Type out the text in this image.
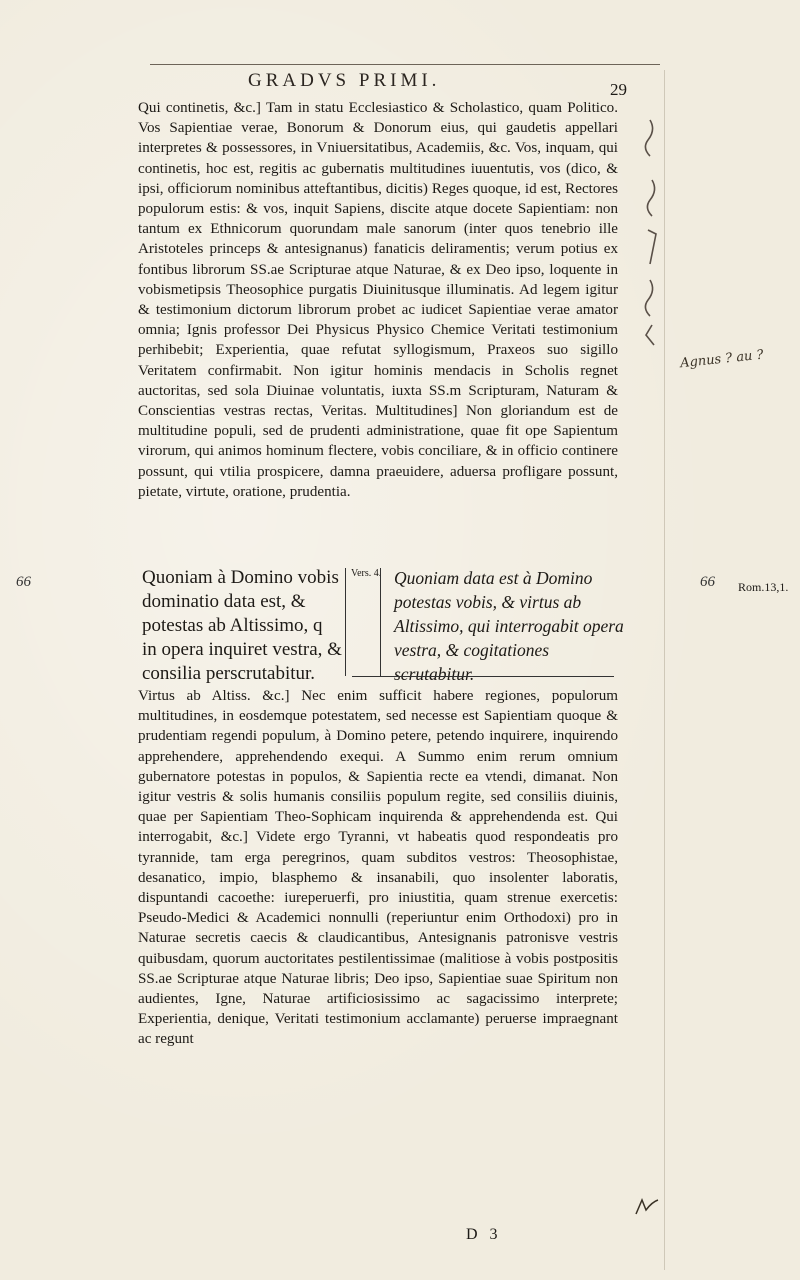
GRADVS PRIMI.	29

Qui continetis, &c.] Tam in statu Ecclesiastico & Scholastico, quam Politico. Vos Sapientiae verae, Bonorum & Donorum eius, qui gaudetis appellari interpretes & possessores, in Vniuersitatibus, Academiis, &c. Vos, inquam, qui continetis, hoc est, regitis ac gubernatis multitudines iuuentutis, vos (dico, & ipsi, officiorum nominibus atteftantibus, dicitis) Reges quoque, id est, Rectores populorum estis: & vos, inquit Sapiens, discite atque docete Sapientiam: non tantum ex Ethnicorum quorundam male sanorum (inter quos tenebrio ille Aristoteles princeps & antesignanus) fanaticis deliramentis; verum potius ex fontibus librorum SS.ae Scripturae atque Naturae, & ex Deo ipso, loquente in vobismetipsis Theosophice purgatis Diuinitusque illuminatis. Ad legem igitur & testimonium dictorum librorum probet ac iudicet Sapientiae verae amator omnia; Ignis professor Dei Physicus Physico Chemice Veritati testimonium perhibebit; Experientia, quae refutat syllogismum, Praxeos suo sigillo Veritatem confirmabit. Non igitur hominis mendacis in Scholis regnet auctoritas, sed sola Diuinae voluntatis, iuxta SS.m Scripturam, Naturam & Conscientias vestras rectas, Veritas. Multitudines] Non gloriandum est de multitudine populi, sed de prudenti administratione, quae fit ope Sapientum virorum, qui animos hominum flectere, vobis conciliare, & in officio continere possunt, qui vtilia prospicere, damna praeuidere, aduersa profligare possunt, pietate, virtute, oratione, prudentia.

66	66 Rom.13,1.
Quoniam à Domino vobis dominatio data est, & potestas ab Altissimo, q in opera inquiret vestra, & consilia perscrutabitur.
Vers. 4. Quoniam data est à Domino potestas vobis, & virtus ab Altissimo, qui interrogabit opera vestra, & cogitationes scrutabitur.

Virtus ab Altiss. &c.] Nec enim sufficit habere regiones, populorum multitudines, in eosdemque potestatem, sed necesse est Sapientiam quoque & prudentiam regendi populum, à Domino petere, petendo inquirere, inquirendo apprehendere, apprehendendo exequi. A Summo enim rerum omnium gubernatore potestas in populos, & Sapientia recte ea vtendi, dimanat. Non igitur vestris & solis humanis consiliis populum regite, sed consiliis diuinis, quae per Sapientiam Theo-Sophicam inquirenda & apprehendenda est. Qui interrogabit, &c.] Videte ergo Tyranni, vt habeatis quod respondeatis pro tyrannide, tam erga peregrinos, quam subditos vestros: Theosophistae, desanatico, impio, blasphemo & insanabili, quo insolenter laboratis, dispuntandi cacoethe: iureperuerfi, pro iniustitia, quam strenue exercetis: Pseudo-Medici & Academici nonnulli (reperiuntur enim Orthodoxi) pro in Naturae secretis caecis & claudicantibus, Antesignanis patronisve vestris quibusdam, quorum auctoritates pestilentissimae (malitiose à vobis postpositis SS.ae Scripturae atque Naturae libris; Deo ipso, Sapientiae suae Spiritum non audientes, Igne, Naturae artificiosissimo ac sagacissimo interprete; Experientia, denique, Veritati testimonium acclamante) peruerse impraegnant ac regunt

D 3
Agnus ? au ?
